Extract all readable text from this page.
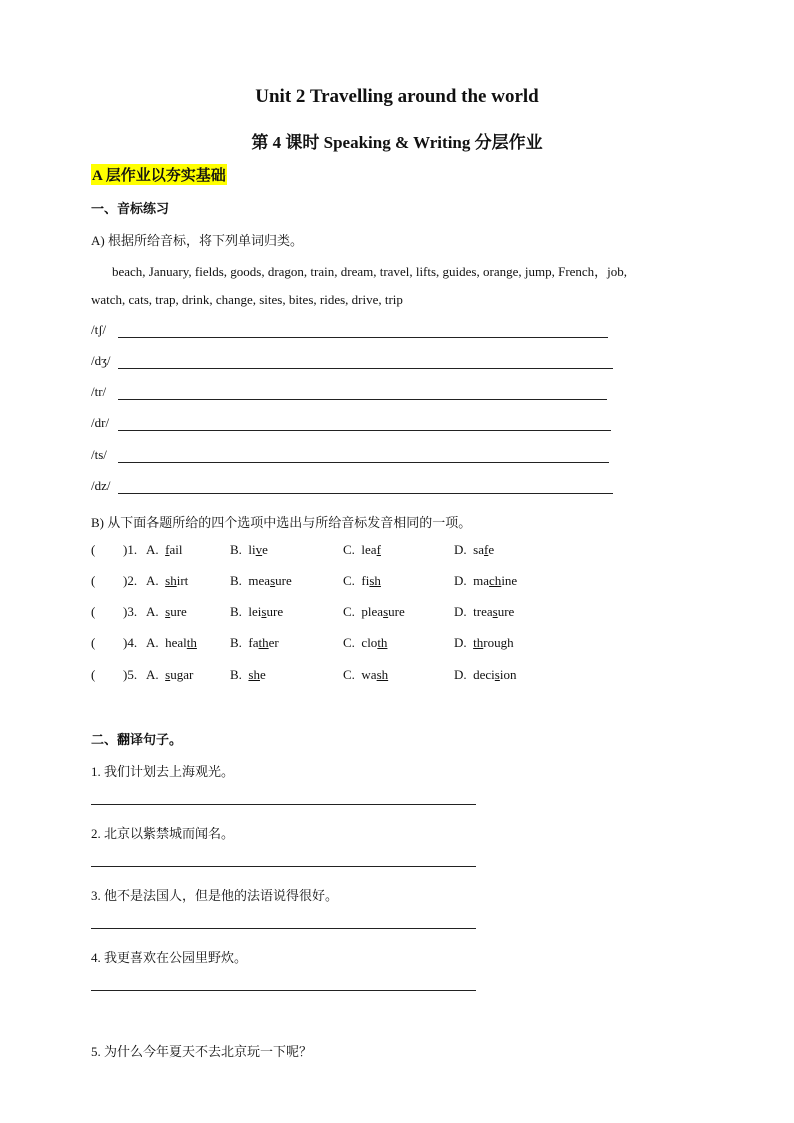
Unit 2 Travelling around the world
第 4 课时 Speaking & Writing 分层作业
A 层作业以夯实基础
一、音标练习
A) 根据所给音标，将下列单词归类。
beach, January, fields, goods, dragon, train, dream, travel, lifts, guides, orange, jump, French，job,
watch, cats, trap, drink, change, sites, bites, rides, drive, trip
/tʃ/
/dʒ/
/tr/
/dr/
/ts/
/dz/
B) 从下面各题所给的四个选项中选出与所给音标发音相同的一项。
( )1. A. fail	B. live	C. leaf	D. safe
( )2. A. shirt	B. measure	C. fish	D. machine
( )3. A. sure	B. leisure	C. pleasure	D. treasure
( )4. A. health	B. father	C. cloth	D. through
( )5. A. sugar	B. she	C. wash	D. decision
二、翻译句子。
1. 我们计划去上海观光。
2. 北京以紫禁城而闻名。
3. 他不是法国人，但是他的法语说得很好。
4. 我更喜欢在公园里野炊。
5. 为什么今年夏天不去北京玩一下呢？
